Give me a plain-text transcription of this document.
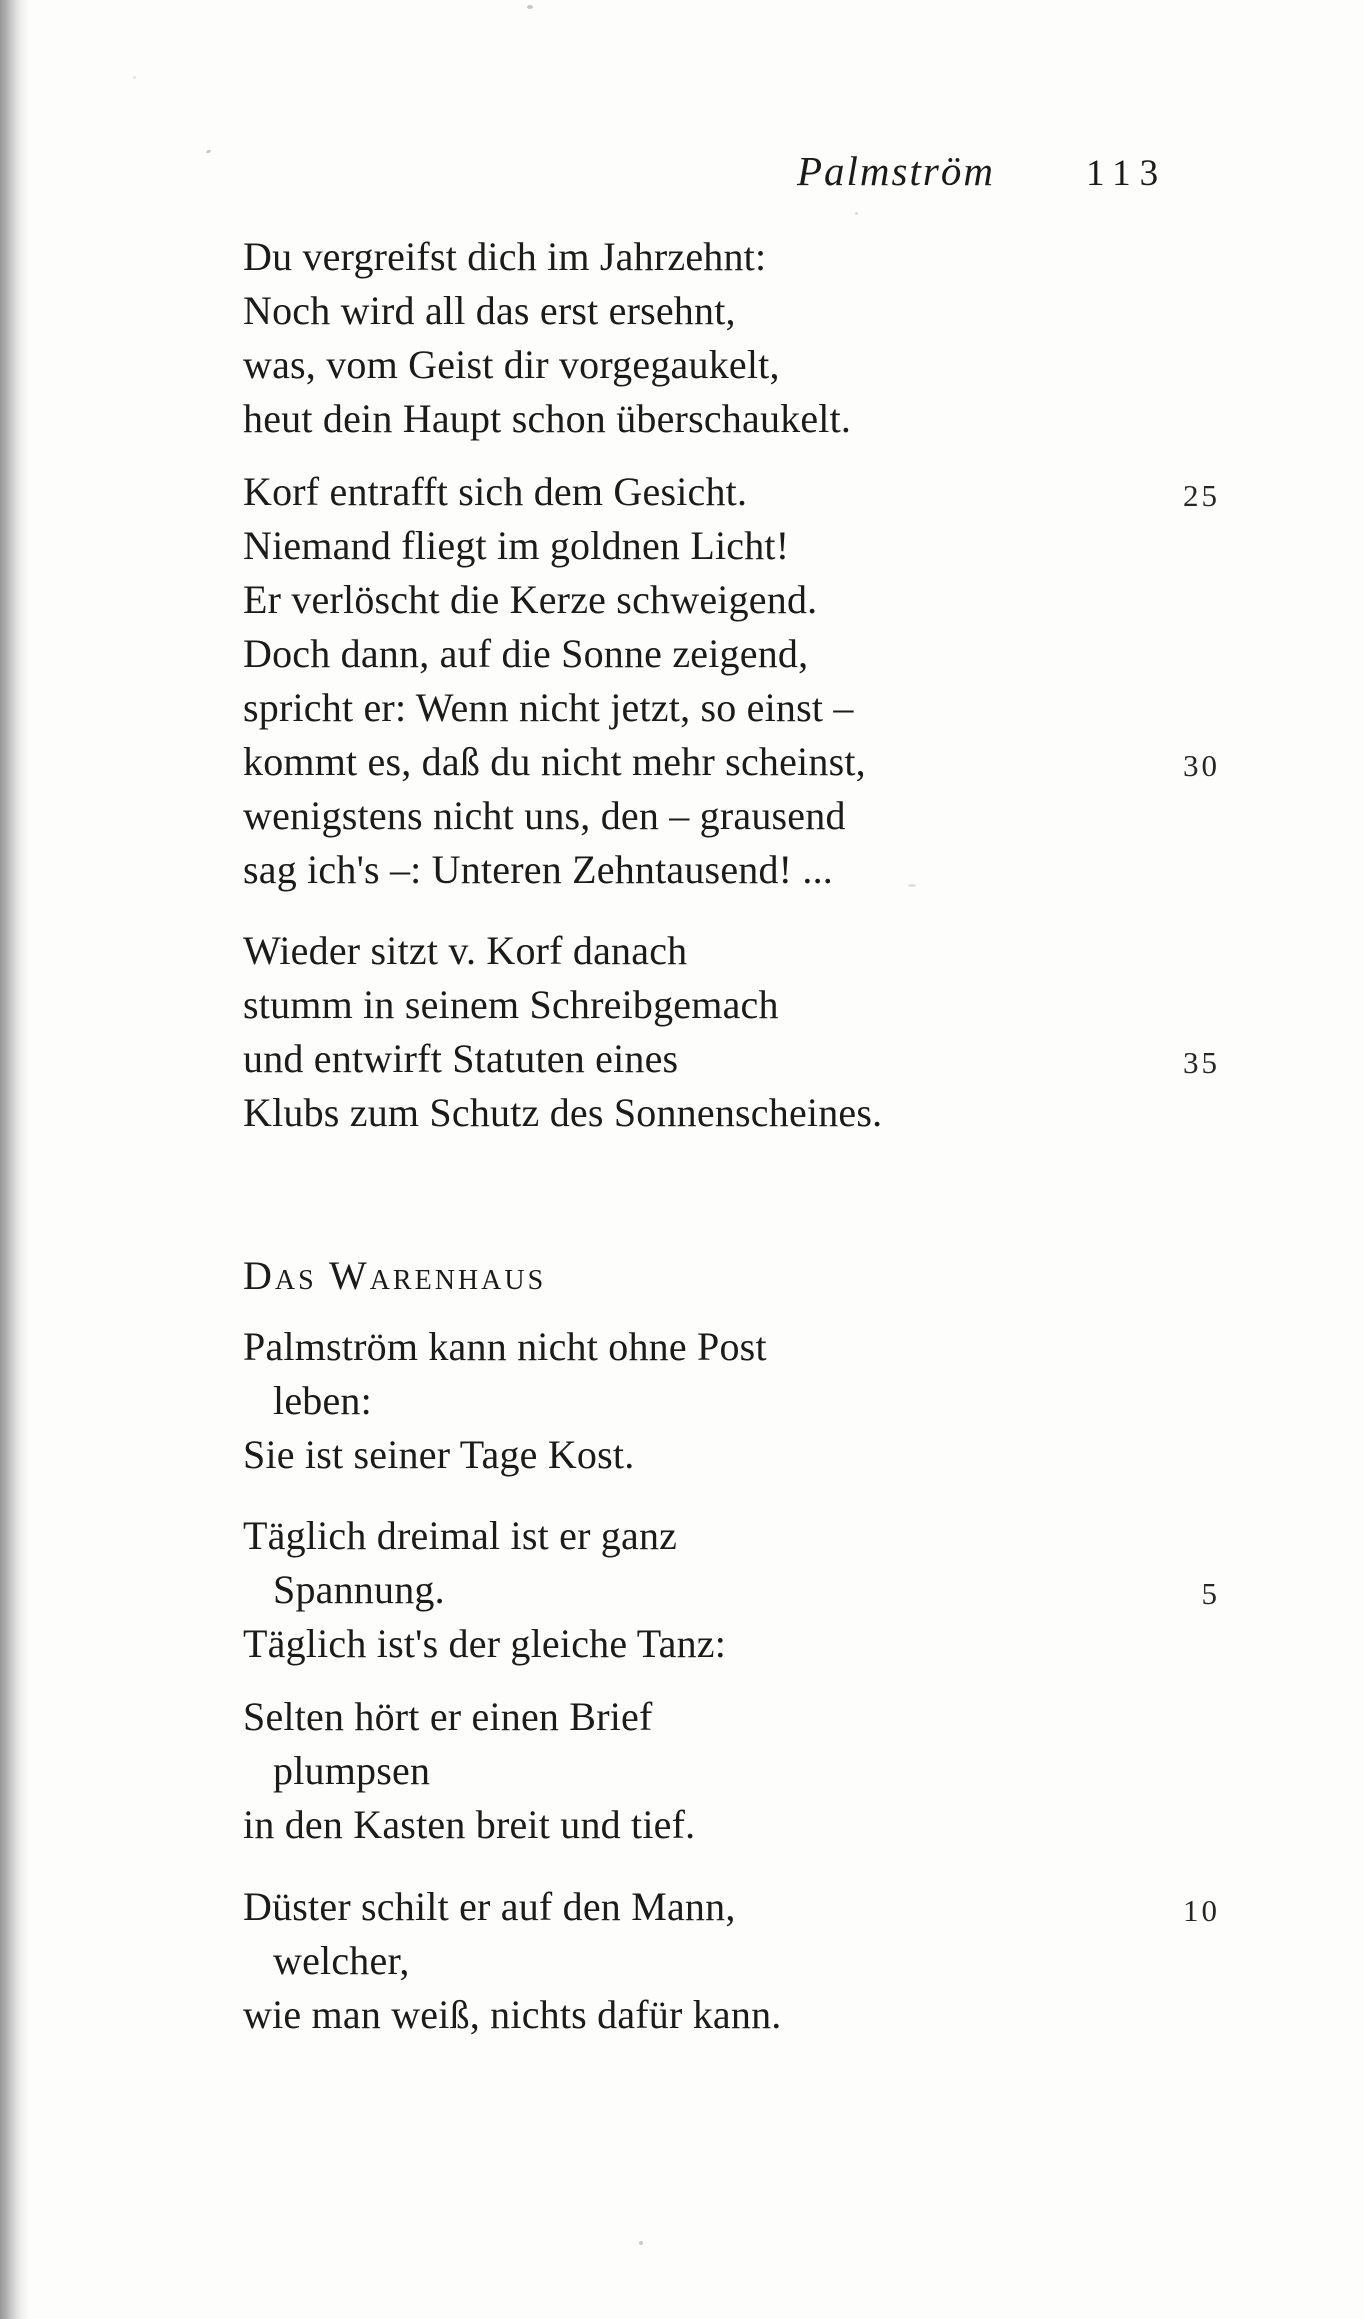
Palmström 113
Du vergreifst dich im Jahrzehnt:
Noch wird all das erst ersehnt,
was, vom Geist dir vorgegaukelt,
heut dein Haupt schon überschaukelt.
Korf entrafft sich dem Gesicht.
Niemand fliegt im goldnen Licht!
Er verlöscht die Kerze schweigend.
Doch dann, auf die Sonne zeigend,
spricht er: Wenn nicht jetzt, so einst –
kommt es, daß du nicht mehr scheinst,
wenigstens nicht uns, den – grausend
sag ich's –: Unteren Zehntausend! ...
Wieder sitzt v. Korf danach
stumm in seinem Schreibgemach
und entwirft Statuten eines
Klubs zum Schutz des Sonnenscheines.
Das Warenhaus
Palmström kann nicht ohne Post
leben:
Sie ist seiner Tage Kost.
Täglich dreimal ist er ganz
Spannung.
Täglich ist's der gleiche Tanz:
Selten hört er einen Brief
plumpsen
in den Kasten breit und tief.
Düster schilt er auf den Mann,
welcher,
wie man weiß, nichts dafür kann.
25
30
35
5
10
